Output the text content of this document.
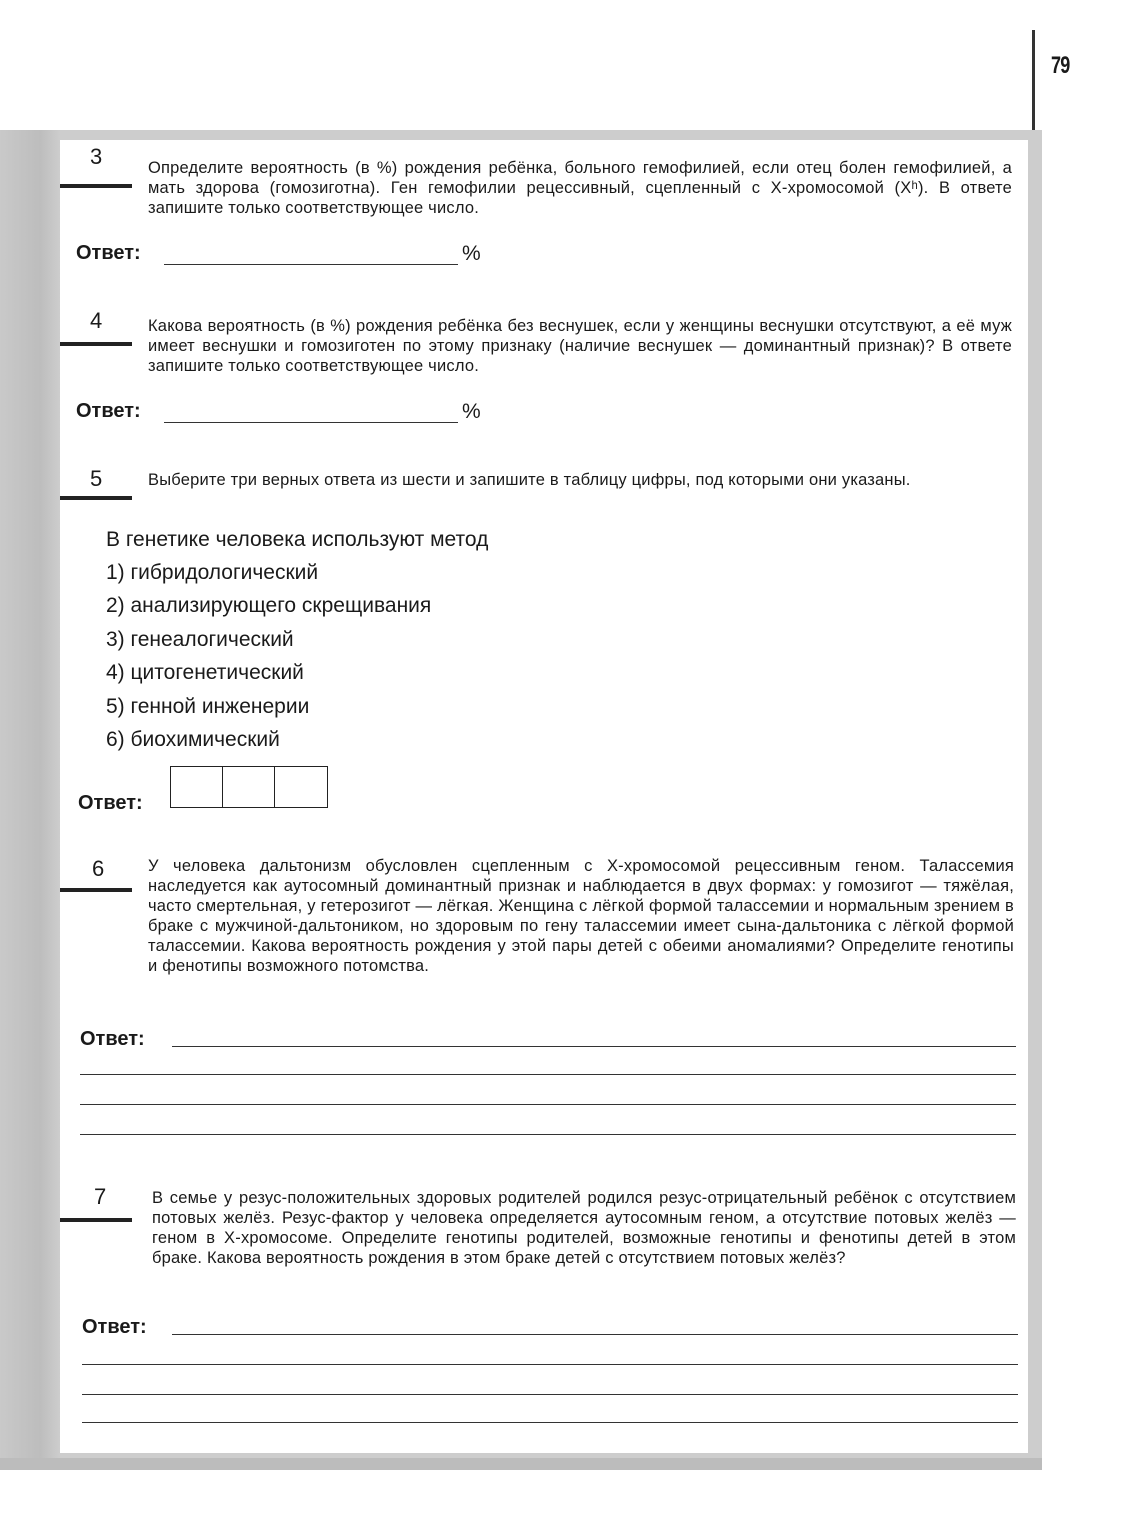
79
3	Определите вероятность (в %) рождения ребёнка, больного гемофилией, если отец болен гемофилией, а мать здорова (гомозиготна). Ген гемофилии рецессивный, сцепленный с X-хромосомой (Xʰ). В ответе запишите только соответствующее число.
Ответ:	%
4	Какова вероятность (в %) рождения ребёнка без веснушек, если у женщины веснушки отсутствуют, а её муж имеет веснушки и гомозиготен по этому признаку (наличие веснушек — доминантный признак)? В ответе запишите только соответствующее число.
Ответ:	%
5	Выберите три верных ответа из шести и запишите в таблицу цифры, под которыми они указаны.
В генетике человека используют метод
1) гибридологический
2) анализирующего скрещивания
3) генеалогический
4) цитогенетический
5) генной инженерии
6) биохимический
Ответ:
6	У человека дальтонизм обусловлен сцепленным с X-хромосомой рецессивным геном. Талассемия наследуется как аутосомный доминантный признак и наблюдается в двух формах: у гомозигот — тяжёлая, часто смертельная, у гетерозигот — лёгкая. Женщина с лёгкой формой талассемии и нормальным зрением в браке с мужчиной-дальтоником, но здоровым по гену талассемии имеет сына-дальтоника с лёгкой формой талассемии. Какова вероятность рождения у этой пары детей с обеими аномалиями? Определите генотипы и фенотипы возможного потомства.
Ответ:
7	В семье у резус-положительных здоровых родителей родился резус-отрицательный ребёнок с отсутствием потовых желёз. Резус-фактор у человека определяется аутосомным геном, а отсутствие потовых желёз — геном в X-хромосоме. Определите генотипы родителей, возможные генотипы и фенотипы детей в этом браке. Какова вероятность рождения в этом браке детей с отсутствием потовых желёз?
Ответ:
